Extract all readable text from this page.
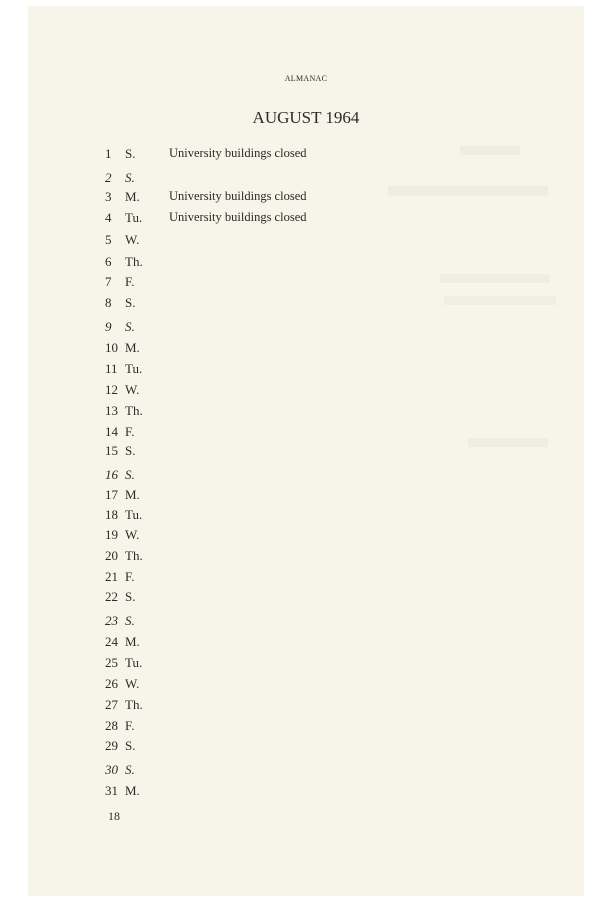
ALMANAC
AUGUST 1964
1	S.	University buildings closed
2	S.
3	M.	University buildings closed
4	Tu.	University buildings closed
5	W.
6	Th.
7	F.
8	S.
9	S.
10 M.
11 Tu.
12 W.
13 Th.
14 F.
15 S.
16 S.
17 M.
18 Tu.
19 W.
20 Th.
21 F.
22 S.
23 S.
24 M.
25 Tu.
26 W.
27 Th.
28 F.
29 S.
30 S.
31 M.
18
